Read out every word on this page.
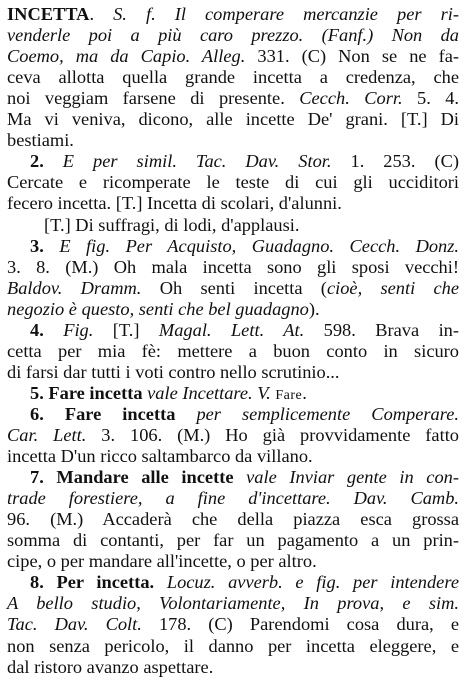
INCETTA. S. f. Il comperare mercanzie per ri-
venderle poi a più caro prezzo. (Fanf.) Non da
Coemo, ma da Capio. Alleg. 331. (C) Non se ne fa-
ceva allotta quella grande incetta a credenza, che
noi veggiam farsene di presente. Cecch. Corr. 5. 4.
Ma vi veniva, dicono, alle incette De' grani. [T.] Di
bestiami.
2. E per simil. Tac. Dav. Stor. 1. 253. (C)
Cercate e ricomperate le teste di cui gli ucciditori
fecero incetta. [T.] Incetta di scolari, d'alunni.
[T.] Di suffragi, di lodi, d'applausi.
3. E fig. Per Acquisto, Guadagno. Cecch. Donz.
3. 8. (M.) Oh mala incetta sono gli sposi vecchi!
Baldov. Dramm. Oh senti incetta (cioè, senti che
negozio è questo, senti che bel guadagno).
4. Fig. [T.] Magal. Lett. At. 598. Brava in-
cetta per mia fè: mettere a buon conto in sicuro
di farsi dar tutti i voti contro nello scrutinio...
5. Fare incetta vale Incettare. V. Fare.
6. Fare incetta per semplicemente Comperare.
Car. Lett. 3. 106. (M.) Ho già provvidamente fatto
incetta D'un ricco saltambarco da villano.
7. Mandare alle incette vale Inviar gente in con-
trade forestiere, a fine d'incettare. Dav. Camb.
96. (M.) Accaderà che della piazza esca grossa
somma di contanti, per far un pagamento a un prin-
cipe, o per mandare all'incette, o per altro.
8. Per incetta. Locuz. avverb. e fig. per intendere
A bello studio, Volontariamente, In prova, e sim.
Tac. Dav. Colt. 178. (C) Parendomi cosa dura, e
non senza pericolo, il danno per incetta eleggere, e
dal ristoro avanzo aspettare.
